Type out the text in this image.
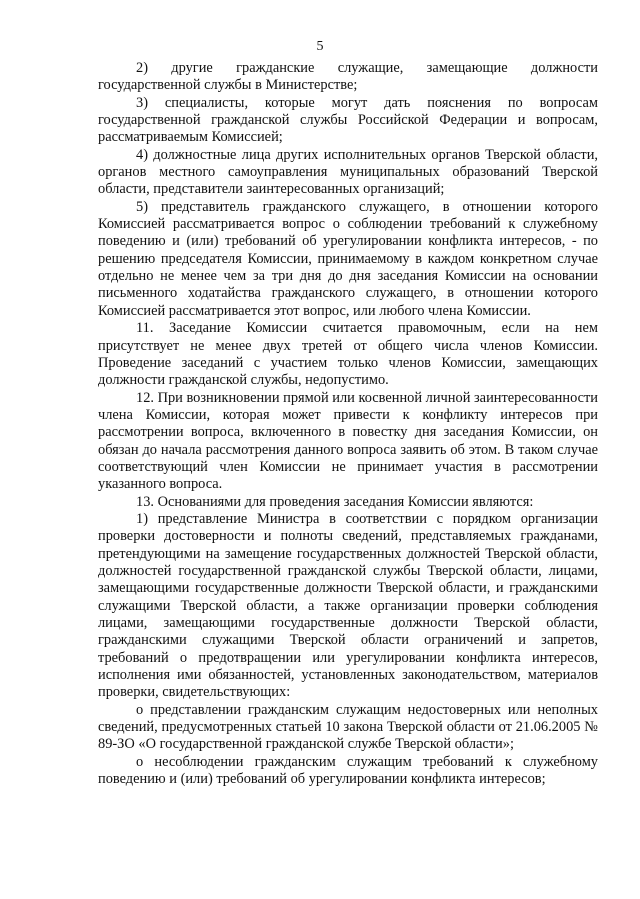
5

2) другие гражданские служащие, замещающие должности государственной службы в Министерстве;

3) специалисты, которые могут дать пояснения по вопросам государственной гражданской службы Российской Федерации и вопросам, рассматриваемым Комиссией;

4) должностные лица других исполнительных органов Тверской области, органов местного самоуправления муниципальных образований Тверской области, представители заинтересованных организаций;

5) представитель гражданского служащего, в отношении которого Комиссией рассматривается вопрос о соблюдении требований к служебному поведению и (или) требований об урегулировании конфликта интересов, - по решению председателя Комиссии, принимаемому в каждом конкретном случае отдельно не менее чем за три дня до дня заседания Комиссии на основании письменного ходатайства гражданского служащего, в отношении которого Комиссией рассматривается этот вопрос, или любого члена Комиссии.

11. Заседание Комиссии считается правомочным, если на нем присутствует не менее двух третей от общего числа членов Комиссии. Проведение заседаний с участием только членов Комиссии, замещающих должности гражданской службы, недопустимо.

12. При возникновении прямой или косвенной личной заинтересованности члена Комиссии, которая может привести к конфликту интересов при рассмотрении вопроса, включенного в повестку дня заседания Комиссии, он обязан до начала рассмотрения данного вопроса заявить об этом. В таком случае соответствующий член Комиссии не принимает участия в рассмотрении указанного вопроса.

13. Основаниями для проведения заседания Комиссии являются:

1) представление Министра в соответствии с порядком организации проверки достоверности и полноты сведений, представляемых гражданами, претендующими на замещение государственных должностей Тверской области, должностей государственной гражданской службы Тверской области, лицами, замещающими государственные должности Тверской области, и гражданскими служащими Тверской области, а также организации проверки соблюдения лицами, замещающими государственные должности Тверской области, гражданскими служащими Тверской области ограничений и запретов, требований о предотвращении или урегулировании конфликта интересов, исполнения ими обязанностей, установленных законодательством, материалов проверки, свидетельствующих:

о представлении гражданским служащим недостоверных или неполных сведений, предусмотренных статьей 10 закона Тверской области от 21.06.2005 № 89-ЗО «О государственной гражданской службе Тверской области»;

о несоблюдении гражданским служащим требований к служебному поведению и (или) требований об урегулировании конфликта интересов;
